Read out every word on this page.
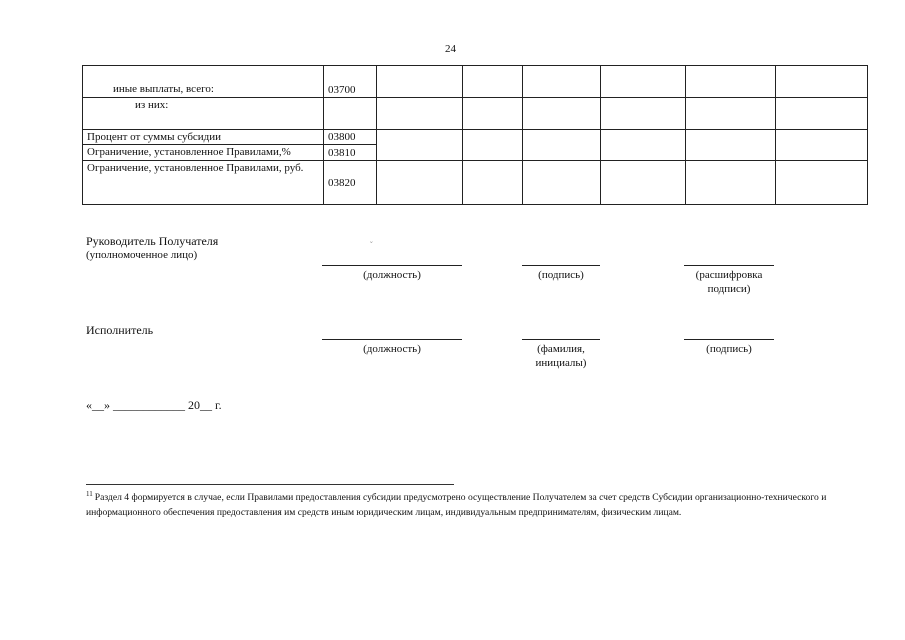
24
иные выплаты, всего:	03700						
из них:							
Процент от суммы субсидии	03800						
Ограничение, установленное Правилами,%	03810						
Ограничение, установленное Правилами, руб.	03820						
Руководитель Получателя
(уполномоченное лицо)
˘
(должность)	(подпись)	(расшифровка подписи)
Исполнитель
(должность)	(фамилия, инициалы)
(подпись)
«__» ____________ 20__ г.
$^{11}$ Раздел 4 формируется в случае, если Правилами предоставления субсидии предусмотрено осуществление Получателем за счет средств Субсидии организационно-технического и информационного обеспечения предоставления им средств иным юридическим лицам, индивидуальным предпринимателям, физическим лицам.
